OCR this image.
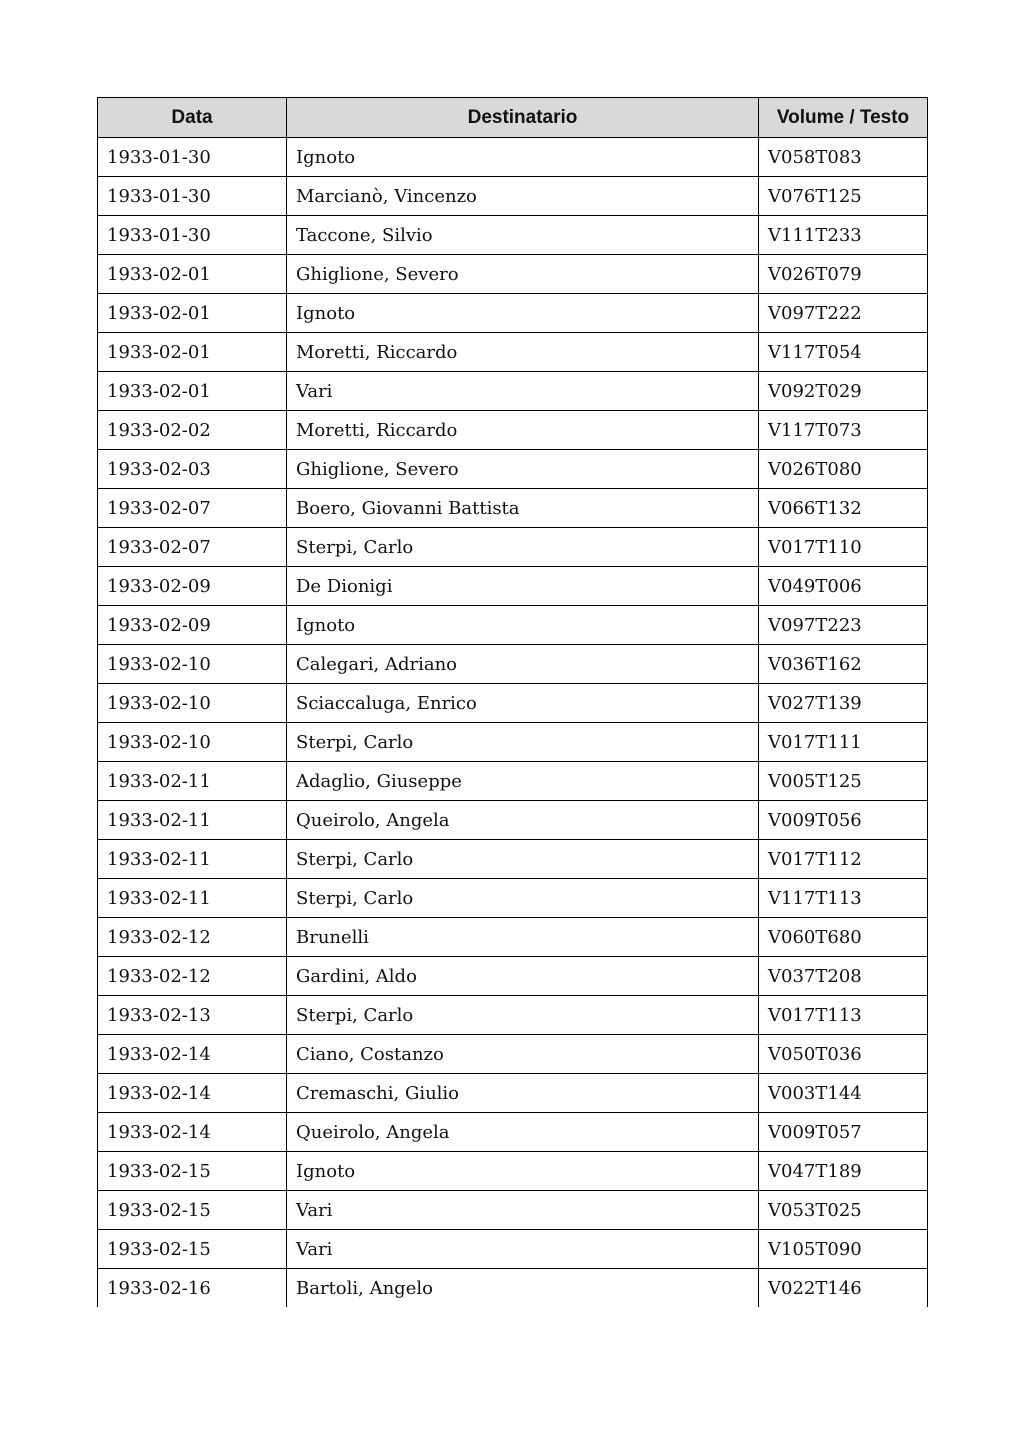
Data	Destinatario	Volume / Testo
1933-01-30	Ignoto	V058T083
1933-01-30	Marcianò, Vincenzo	V076T125
1933-01-30	Taccone, Silvio	V111T233
1933-02-01	Ghiglione, Severo	V026T079
1933-02-01	Ignoto	V097T222
1933-02-01	Moretti, Riccardo	V117T054
1933-02-01	Vari	V092T029
1933-02-02	Moretti, Riccardo	V117T073
1933-02-03	Ghiglione, Severo	V026T080
1933-02-07	Boero, Giovanni Battista	V066T132
1933-02-07	Sterpi, Carlo	V017T110
1933-02-09	De Dionigi	V049T006
1933-02-09	Ignoto	V097T223
1933-02-10	Calegari, Adriano	V036T162
1933-02-10	Sciaccaluga, Enrico	V027T139
1933-02-10	Sterpi, Carlo	V017T111
1933-02-11	Adaglio, Giuseppe	V005T125
1933-02-11	Queirolo, Angela	V009T056
1933-02-11	Sterpi, Carlo	V017T112
1933-02-11	Sterpi, Carlo	V117T113
1933-02-12	Brunelli	V060T680
1933-02-12	Gardini, Aldo	V037T208
1933-02-13	Sterpi, Carlo	V017T113
1933-02-14	Ciano, Costanzo	V050T036
1933-02-14	Cremaschi, Giulio	V003T144
1933-02-14	Queirolo, Angela	V009T057
1933-02-15	Ignoto	V047T189
1933-02-15	Vari	V053T025
1933-02-15	Vari	V105T090
1933-02-16	Bartoli, Angelo	V022T146
